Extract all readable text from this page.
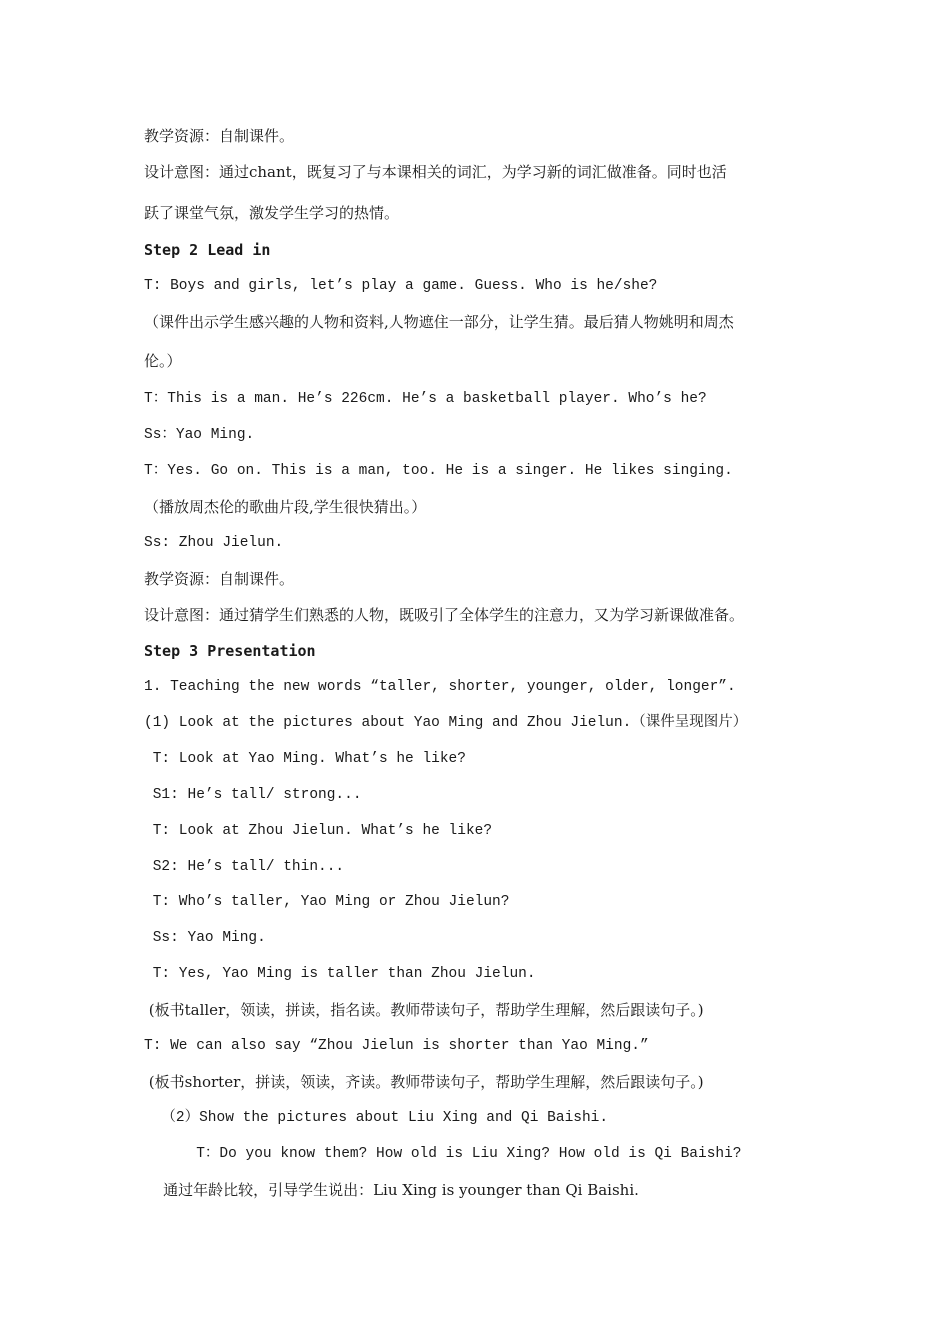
教学资源：自制课件。
设计意图：通过chant，既复习了与本课相关的词汇，为学习新的词汇做准备。同时也活
跃了课堂气氛，激发学生学习的热情。
Step 2 Lead in
T: Boys and girls, let’s play a game. Guess. Who is he/she?
（课件出示学生感兴趣的人物和资料,人物遮住一部分，让学生猜。最后猜人物姚明和周杰
伦。）
T：This is a man. He’s 226cm. He’s a basketball player. Who’s he?
Ss：Yao Ming.
T：Yes. Go on. This is a man, too. He is a singer. He likes singing.
（播放周杰伦的歌曲片段,学生很快猜出。）
Ss: Zhou Jielun.
教学资源：自制课件。
设计意图：通过猜学生们熟悉的人物，既吸引了全体学生的注意力，又为学习新课做准备。
Step 3 Presentation
1. Teaching the new words “taller, shorter, younger, older, longer”.
(1) Look at the pictures about Yao Ming and Zhou Jielun.（课件呈现图片）
T: Look at Yao Ming. What’s he like?
S1: He’s tall/ strong...
T: Look at Zhou Jielun. What’s he like?
S2: He’s tall/ thin...
T: Who’s taller, Yao Ming or Zhou Jielun?
Ss: Yao Ming.
T: Yes, Yao Ming is taller than Zhou Jielun.
(板书taller，领读，拼读，指名读。教师带读句子，帮助学生理解，然后跟读句子。)
T: We can also say “Zhou Jielun is shorter than Yao Ming.”
(板书shorter，拼读，领读，齐读。教师带读句子，帮助学生理解，然后跟读句子。)
（2）Show the pictures about Liu Xing and Qi Baishi.
T：Do you know them? How old is Liu Xing? How old is Qi Baishi?
通过年龄比较，引导学生说出：Liu Xing is younger than Qi Baishi.
